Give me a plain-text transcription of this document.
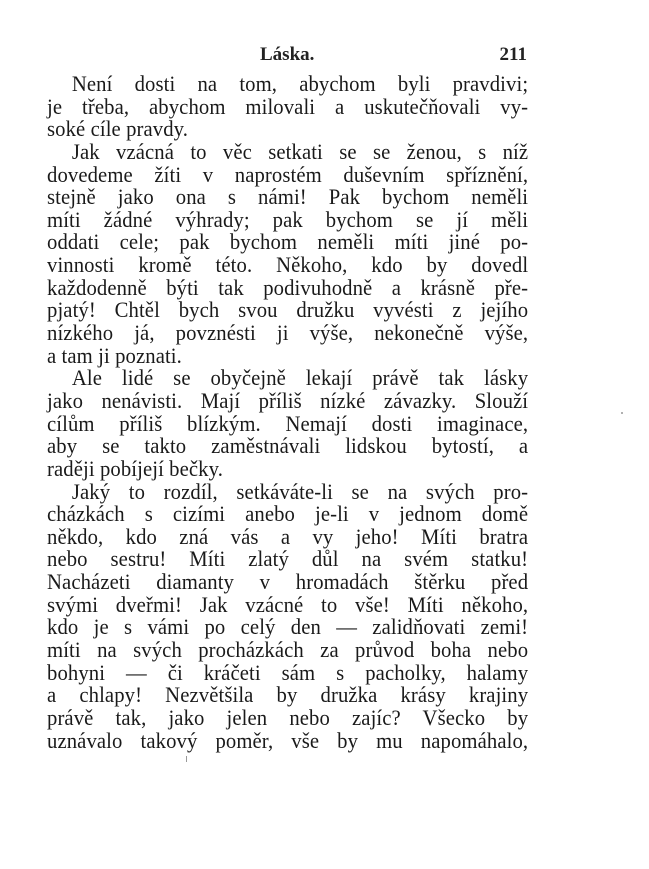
Láska.	211
Není dosti na tom, abychom byli pravdivi;
je třeba, abychom milovali a uskutečňovali vy-
soké cíle pravdy.
Jak vzácná to věc setkati se se ženou, s níž
dovedeme žíti v naprostém duševním spříznění,
stejně jako ona s námi! Pak bychom neměli
míti žádné výhrady; pak bychom se jí měli
oddati cele; pak bychom neměli míti jiné po-
vinnosti kromě této. Někoho, kdo by dovedl
každodenně býti tak podivuhodně a krásně pře-
pjatý! Chtěl bych svou družku vyvésti z jejího
nízkého já, povznésti ji výše, nekonečně výše,
a tam ji poznati.
Ale lidé se obyčejně lekají právě tak lásky
jako nenávisti. Mají příliš nízké závazky. Slouží
cílům příliš blízkým. Nemají dosti imaginace,
aby se takto zaměstnávali lidskou bytostí, a
raději pobíjejí bečky.
Jaký to rozdíl, setkáváte-li se na svých pro-
cházkách s cizími anebo je-li v jednom domě
někdo, kdo zná vás a vy jeho! Míti bratra
nebo sestru! Míti zlatý důl na svém statku!
Nacházeti diamanty v hromadách štěrku před
svými dveřmi! Jak vzácné to vše! Míti někoho,
kdo je s vámi po celý den — zalidňovati zemi!
míti na svých procházkách za průvod boha nebo
bohyni — či kráčeti sám s pacholky, halamy
a chlapy! Nezvětšila by družka krásy krajiny
právě tak, jako jelen nebo zajíc? Všecko by
uznávalo takový poměr, vše by mu napomáhalo,
